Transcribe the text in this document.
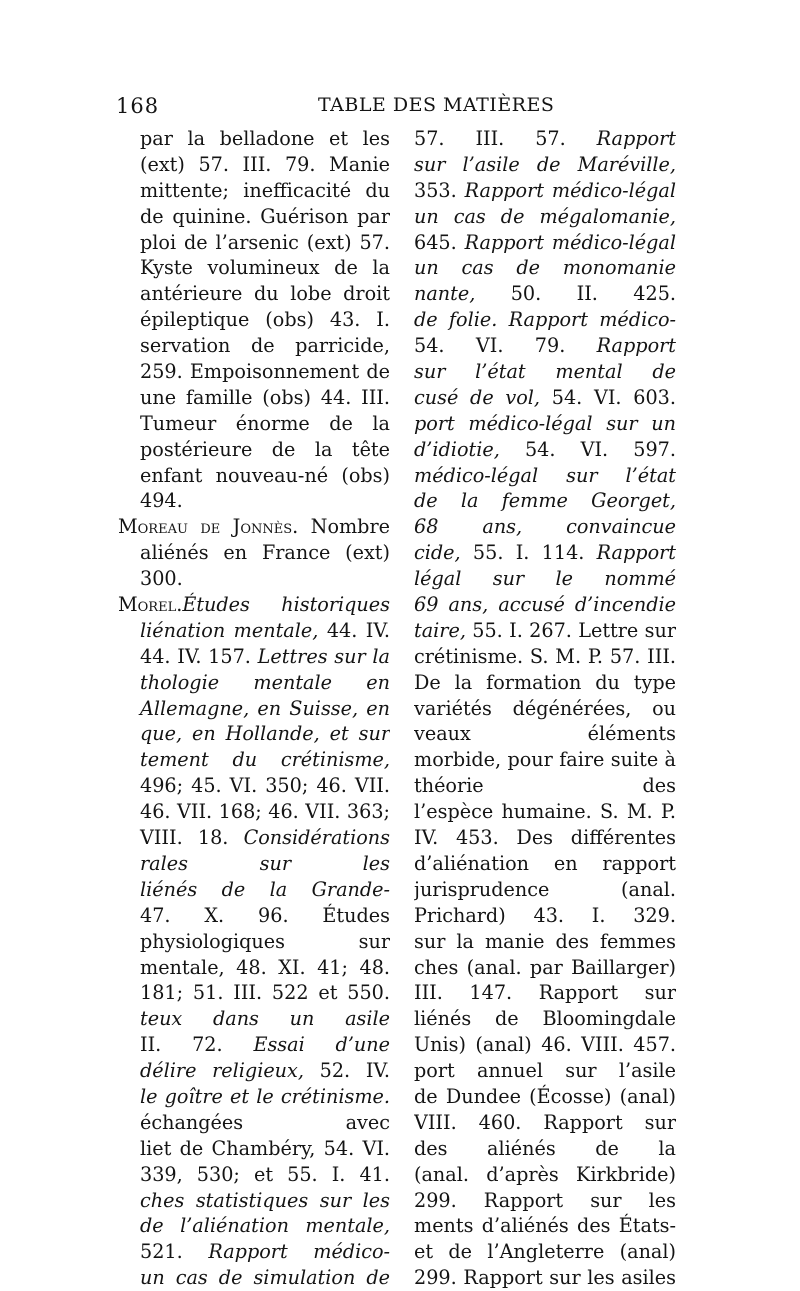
168	TABLE DES MATIÈRES
par la belladone et les
(ext) 57. III. 79. Manie
mittente; inefficacité du
de quinine. Guérison par
ploi de l’arsenic (ext) 57.
Kyste volumineux de la
antérieure du lobe droit
épileptique (obs) 43. I.
servation de parricide,
259. Empoisonnement de
une famille (obs) 44. III.
Tumeur énorme de la
postérieure de la tête
enfant nouveau-né (obs)
494.
Moreau de Jonnès. Nombre
aliénés en France (ext)
300.
Morel.Études historiques
liénation mentale, 44. IV.
44. IV. 157. Lettres sur la
thologie mentale en
Allemagne, en Suisse, en
que, en Hollande, et sur
tement du crétinisme,
496; 45. VI. 350; 46. VII.
46. VII. 168; 46. VII. 363;
VIII. 18. Considérations
rales sur les
liénés de la Grande-
47. X. 96. Études
physiologiques sur
mentale, 48. XI. 41; 48.
181; 51. III. 522 et 550.
teux dans un asile
II. 72. Essai d’une
délire religieux, 52. IV.
le goître et le crétinisme.
échangées avec
liet de Chambéry, 54. VI.
339, 530; et 55. I. 41.
ches statistiques sur les
de l’aliénation mentale,
521. Rapport médico-
un cas de simulation de
57. III. 57. Rapport
sur l’asile de Maréville,
353. Rapport médico-légal
un cas de mégalomanie,
645. Rapport médico-légal
un cas de monomanie
nante, 50. II. 425.
de folie. Rapport médico-
54. VI. 79. Rapport
sur l’état mental de
cusé de vol, 54. VI. 603.
port médico-légal sur un
d’idiotie, 54. VI. 597.
médico-légal sur l’état
de la femme Georget,
68 ans, convaincue
cide, 55. I. 114. Rapport
légal sur le nommé
69 ans, accusé d’incendie
taire, 55. I. 267. Lettre sur
crétinisme. S. M. P. 57. III.
De la formation du type
variétés dégénérées, ou
veaux éléments
morbide, pour faire suite à
théorie des
l’espèce humaine. S. M. P.
IV. 453. Des différentes
d’aliénation en rapport
jurisprudence (anal.
Prichard) 43. I. 329.
sur la manie des femmes
ches (anal. par Baillarger)
III. 147. Rapport sur
liénés de Bloomingdale
Unis) (anal) 46. VIII. 457.
port annuel sur l’asile
de Dundee (Écosse) (anal)
VIII. 460. Rapport sur
des aliénés de la
(anal. d’après Kirkbride)
299. Rapport sur les
ments d’aliénés des États-
et de l’Angleterre (anal)
299. Rapport sur les asiles
